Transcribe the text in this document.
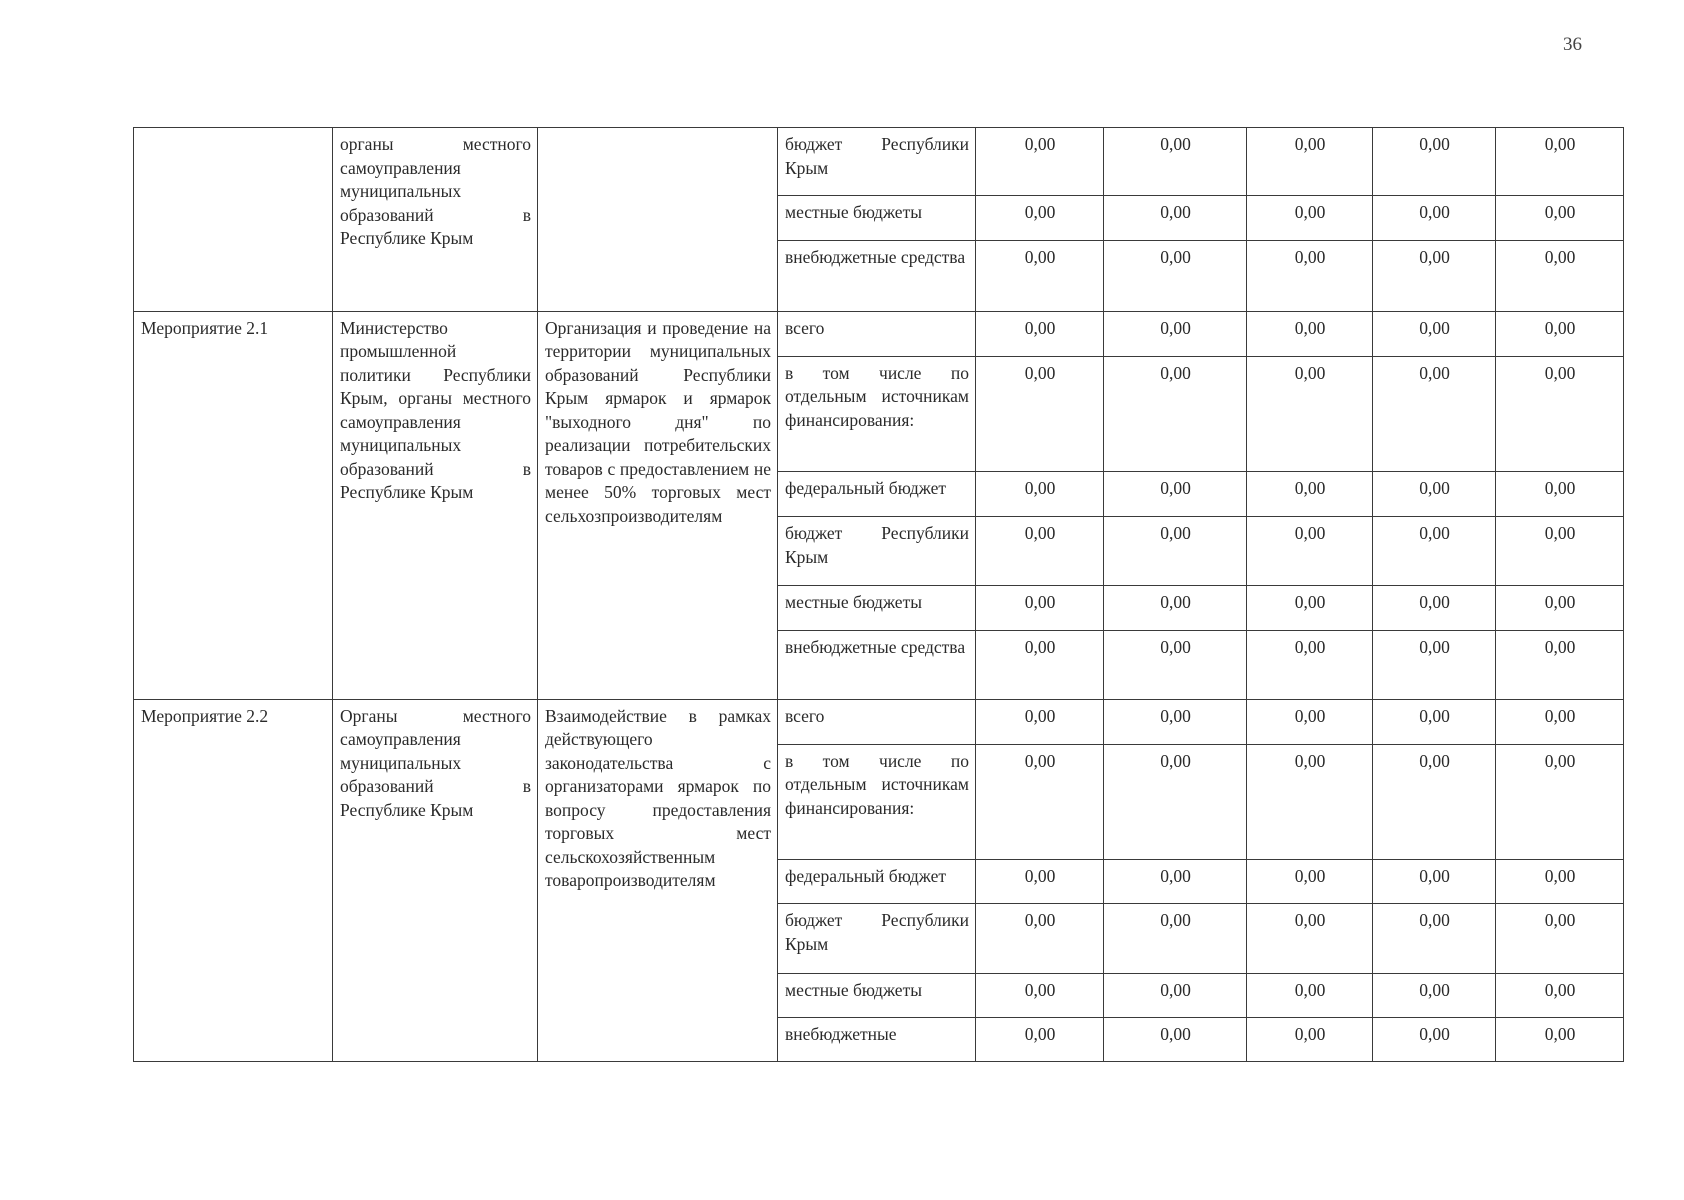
36
	органы местного самоуправления муниципальных образований в Республике Крым		бюджет Республики Крым	0,00	0,00	0,00	0,00	0,00
			местные бюджеты	0,00	0,00	0,00	0,00	0,00
			внебюджетные средства	0,00	0,00	0,00	0,00	0,00
Мероприятие 2.1	Министерство промышленной политики Республики Крым, органы местного самоуправления муниципальных образований в Республике Крым	Организация и проведение на территории муниципальных образований Республики Крым ярмарок и ярмарок "выходного дня" по реализации потребительских товаров с предоставлением не менее 50% торговых мест сельхозпроизводителям	всего	0,00	0,00	0,00	0,00	0,00
			в том числе по отдельным источникам финансирования:	0,00	0,00	0,00	0,00	0,00
			федеральный бюджет	0,00	0,00	0,00	0,00	0,00
			бюджет Республики Крым	0,00	0,00	0,00	0,00	0,00
			местные бюджеты	0,00	0,00	0,00	0,00	0,00
			внебюджетные средства	0,00	0,00	0,00	0,00	0,00
Мероприятие 2.2	Органы местного самоуправления муниципальных образований в Республике Крым	Взаимодействие в рамках действующего законодательства с организаторами ярмарок по вопросу предоставления торговых мест сельскохозяйственным товаропроизводителям	всего	0,00	0,00	0,00	0,00	0,00
			в том числе по отдельным источникам финансирования:	0,00	0,00	0,00	0,00	0,00
			федеральный бюджет	0,00	0,00	0,00	0,00	0,00
			бюджет Республики Крым	0,00	0,00	0,00	0,00	0,00
			местные бюджеты	0,00	0,00	0,00	0,00	0,00
			внебюджетные	0,00	0,00	0,00	0,00	0,00
